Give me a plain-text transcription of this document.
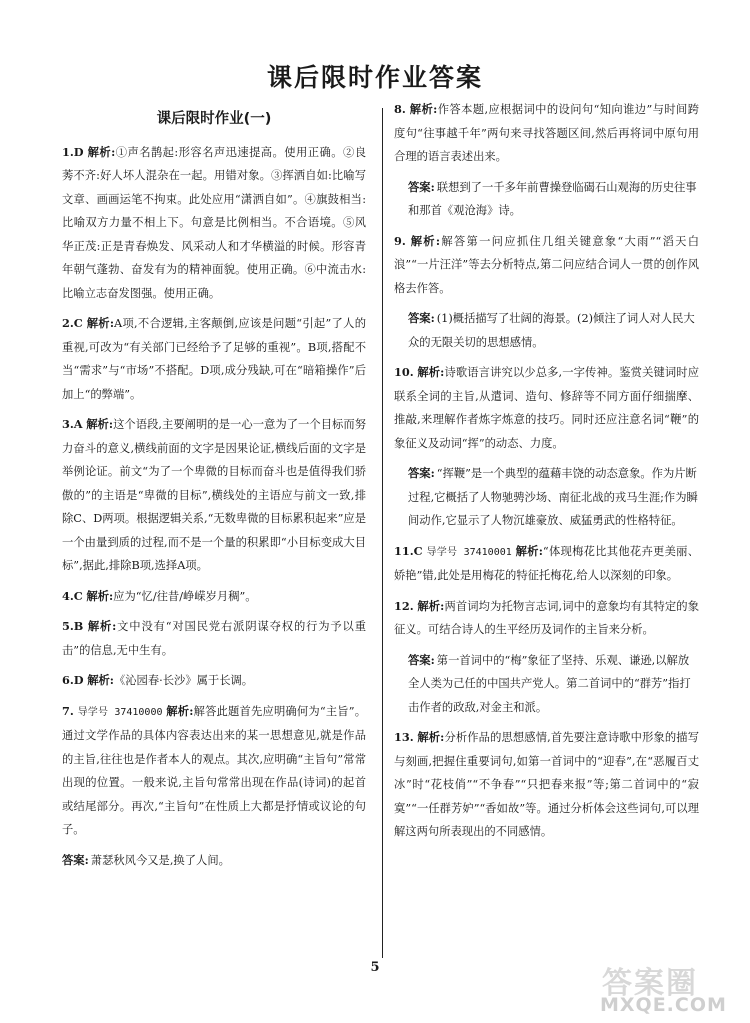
课后限时作业答案
课后限时作业(一)
1.D 解析:①声名鹊起:形容名声迅速提高。使用正确。②良莠不齐:好人坏人混杂在一起。用错对象。③挥洒自如:比喻写文章、画画运笔不拘束。此处应用“潇洒自如”。④旗鼓相当:比喻双方力量不相上下。句意是比例相当。不合语境。⑤风华正茂:正是青春焕发、风采动人和才华横溢的时候。形容青年朝气蓬勃、奋发有为的精神面貌。使用正确。⑥中流击水:比喻立志奋发图强。使用正确。
2.C 解析:A项,不合逻辑,主客颠倒,应该是问题“引起”了人的重视,可改为“有关部门已经给予了足够的重视”。B项,搭配不当“需求”与“市场”不搭配。D项,成分残缺,可在“暗箱操作”后加上“的弊端”。
3.A 解析:这个语段,主要阐明的是一心一意为了一个目标而努力奋斗的意义,横线前面的文字是因果论证,横线后面的文字是举例论证。前文“为了一个卑微的目标而奋斗也是值得我们骄傲的”的主语是“卑微的目标”,横线处的主语应与前文一致,排除C、D两项。根据逻辑关系,“无数卑微的目标累积起来”应是一个由量到质的过程,而不是一个量的积累即“小目标变成大目标”,据此,排除B项,选择A项。
4.C 解析:应为“忆/往昔/峥嵘岁月稠”。
5.B 解析:文中没有“对国民党右派阴谋夺权的行为予以重击”的信息,无中生有。
6.D 解析:《沁园春·长沙》属于长调。
7. 导学号 37410000 解析:解答此题首先应明确何为“主旨”。通过文学作品的具体内容表达出来的某一思想意见,就是作品的主旨,往往也是作者本人的观点。其次,应明确“主旨句”常常出现的位置。一般来说,主旨句常常出现在作品(诗词)的起首或结尾部分。再次,“主旨句”在性质上大都是抒情或议论的句子。
答案: 萧瑟秋风今又是,换了人间。
8. 解析:作答本题,应根据词中的设问句“知向谁边”与时间跨度句“往事越千年”两句来寻找答题区间,然后再将词中原句用合理的语言表述出来。
答案: 联想到了一千多年前曹操登临碣石山观海的历史往事和那首《观沧海》诗。
9. 解析:解答第一问应抓住几组关键意象“大雨”“滔天白浪”“一片汪洋”等去分析特点,第二问应结合词人一贯的创作风格去作答。
答案: (1)概括描写了壮阔的海景。(2)倾注了词人对人民大众的无限关切的思想感情。
10. 解析:诗歌语言讲究以少总多,一字传神。鉴赏关键词时应联系全词的主旨,从遣词、造句、修辞等不同方面仔细揣摩、推敲,来理解作者炼字炼意的技巧。同时还应注意名词“鞭”的象征义及动词“挥”的动态、力度。
答案: “挥鞭”是一个典型的蕴藉丰饶的动态意象。作为片断过程,它概括了人物驰骋沙场、南征北战的戎马生涯;作为瞬间动作,它显示了人物沉雄豪放、威猛勇武的性格特征。
11.C 导学号 37410001 解析:“体现梅花比其他花卉更美丽、娇艳”错,此处是用梅花的特征托梅花,给人以深刻的印象。
12. 解析:两首词均为托物言志词,词中的意象均有其特定的象征义。可结合诗人的生平经历及词作的主旨来分析。
答案: 第一首词中的“梅”象征了坚持、乐观、谦逊,以解放全人类为己任的中国共产党人。第二首词中的“群芳”指打击作者的政敌,对金主和派。
13. 解析:分析作品的思想感情,首先要注意诗歌中形象的描写与刻画,把握住重要词句,如第一首词中的“迎春”,在“恶履百丈冰”时“花枝俏”“不争春”“只把春来报”等;第二首词中的“寂寞”“一任群芳妒”“香如故”等。通过分析体会这些词句,可以理解这两句所表现出的不同感情。
5	答案圈
MXQE.COM
